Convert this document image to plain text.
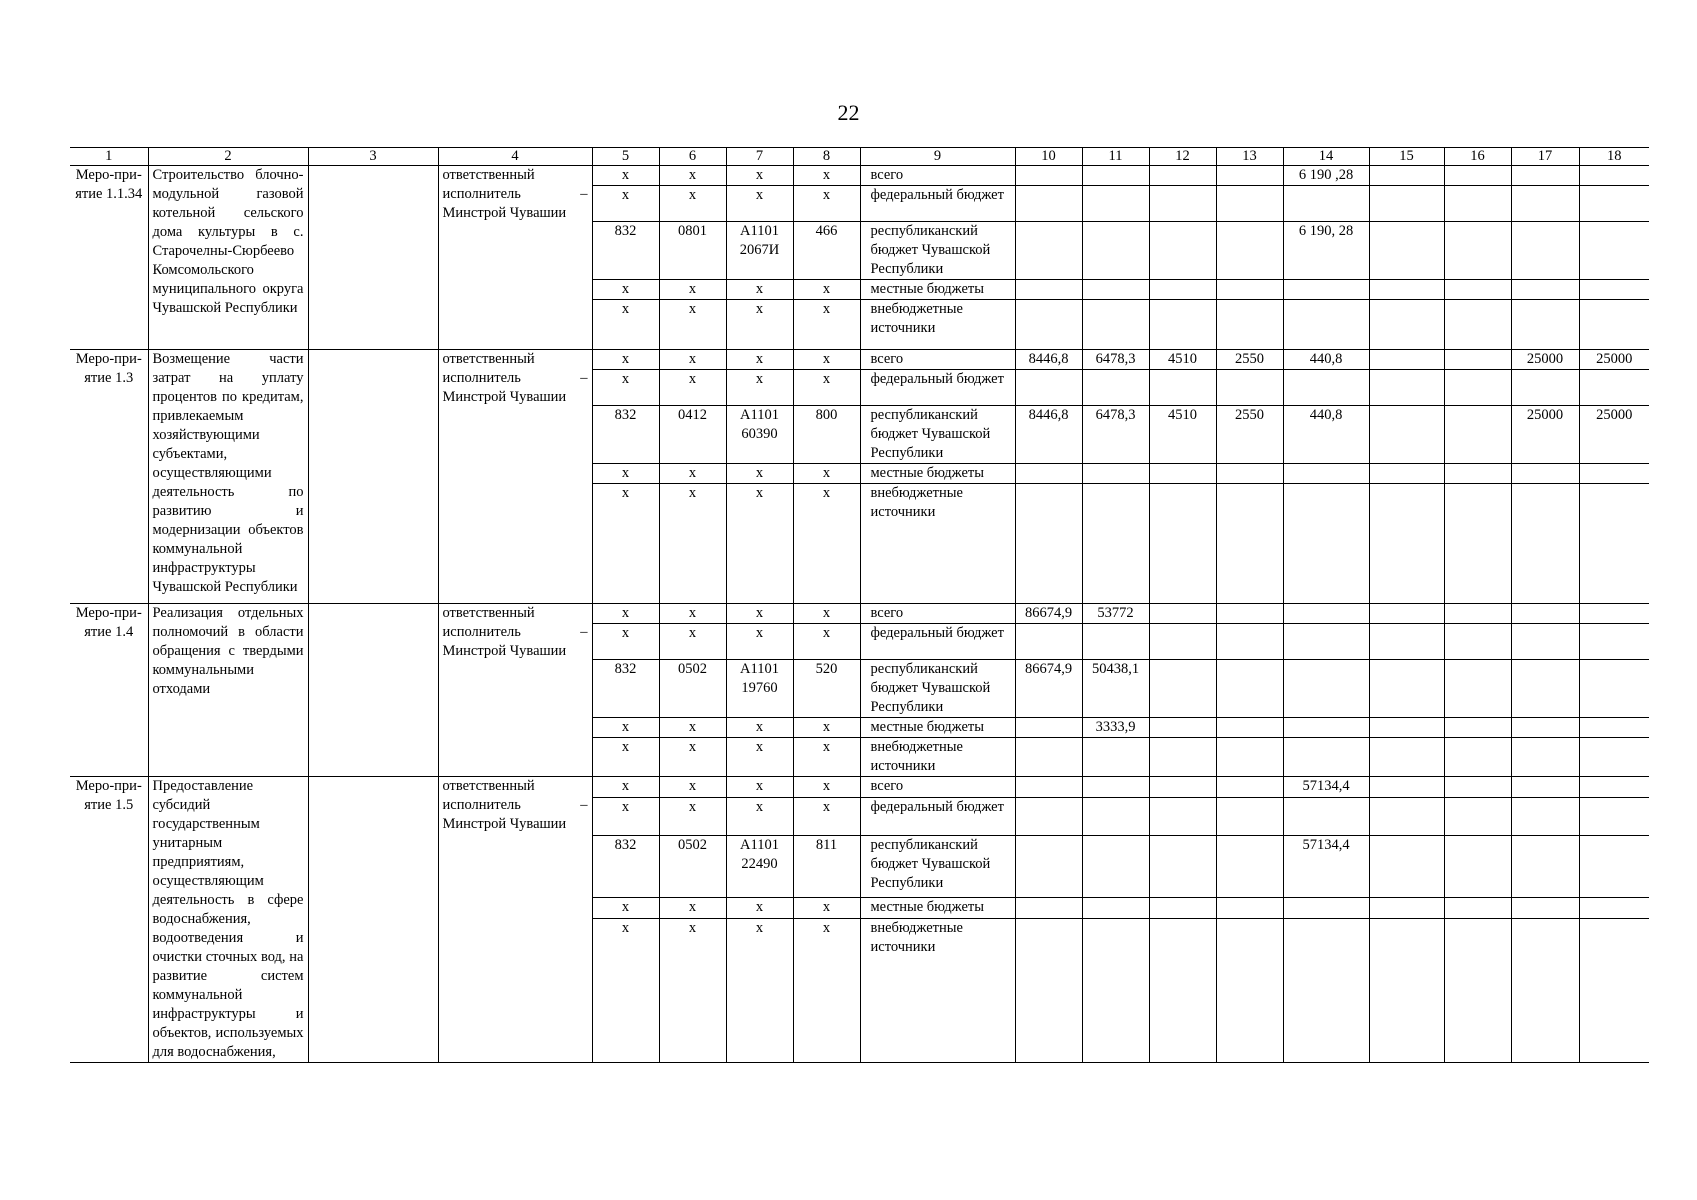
22
1	2	3	4	5	6	7	8	9	10	11	12	13	14	15	16	17	18
Меро-при-ятие 1.1.34	Строительство блочно-модульной газовой котельной сельского дома культуры в с. Старочелны-Сюрбеево Комсомольского муниципального округа Чувашской Республики		ответственный исполнитель – Минстрой Чувашии	x	x	x	x	всего					6 190 ,28				
				x	x	x	x	федеральный бюджет									
				832	0801	А1101 2067И	466	республиканский бюджет Чувашской Республики					6 190, 28				
				x	x	x	x	местные бюджеты									
				x	x	x	x	внебюджетные источники									
Меро-при-ятие 1.3	Возмещение части затрат на уплату процентов по кредитам, привлекаемым хозяйствующими субъектами, осуществляющими деятельность по развитию и модернизации объектов коммунальной инфраструктуры Чувашской Республики		ответственный исполнитель – Минстрой Чувашии	x	x	x	x	всего	8446,8	6478,3	4510	2550	440,8			25000	25000
				x	x	x	x	федеральный бюджет									
				832	0412	А1101 60390	800	республиканский бюджет Чувашской Республики	8446,8	6478,3	4510	2550	440,8			25000	25000
				x	x	x	x	местные бюджеты									
				x	x	x	x	внебюджетные источники									
Меро-при-ятие 1.4	Реализация отдельных полномочий в области обращения с твердыми коммунальными отходами		ответственный исполнитель – Минстрой Чувашии	x	x	x	x	всего	86674,9	53772							
				x	x	x	x	федеральный бюджет									
				832	0502	А1101 19760	520	республиканский бюджет Чувашской Республики	86674,9	50438,1							
				x	x	x	x	местные бюджеты		3333,9							
				x	x	x	x	внебюджетные источники									
Меро-при-ятие 1.5	Предоставление субсидий государственным унитарным предприятиям, осуществляющим деятельность в сфере водоснабжения, водоотведения и очистки сточных вод, на развитие систем коммунальной инфраструктуры и объектов, используемых для водоснабжения,		ответственный исполнитель – Минстрой Чувашии	x	x	x	x	всего					57134,4				
				x	x	x	x	федеральный бюджет									
				832	0502	А1101 22490	811	республиканский бюджет Чувашской Республики					57134,4				
				x	x	x	x	местные бюджеты									
				x	x	x	x	внебюджетные источники									
